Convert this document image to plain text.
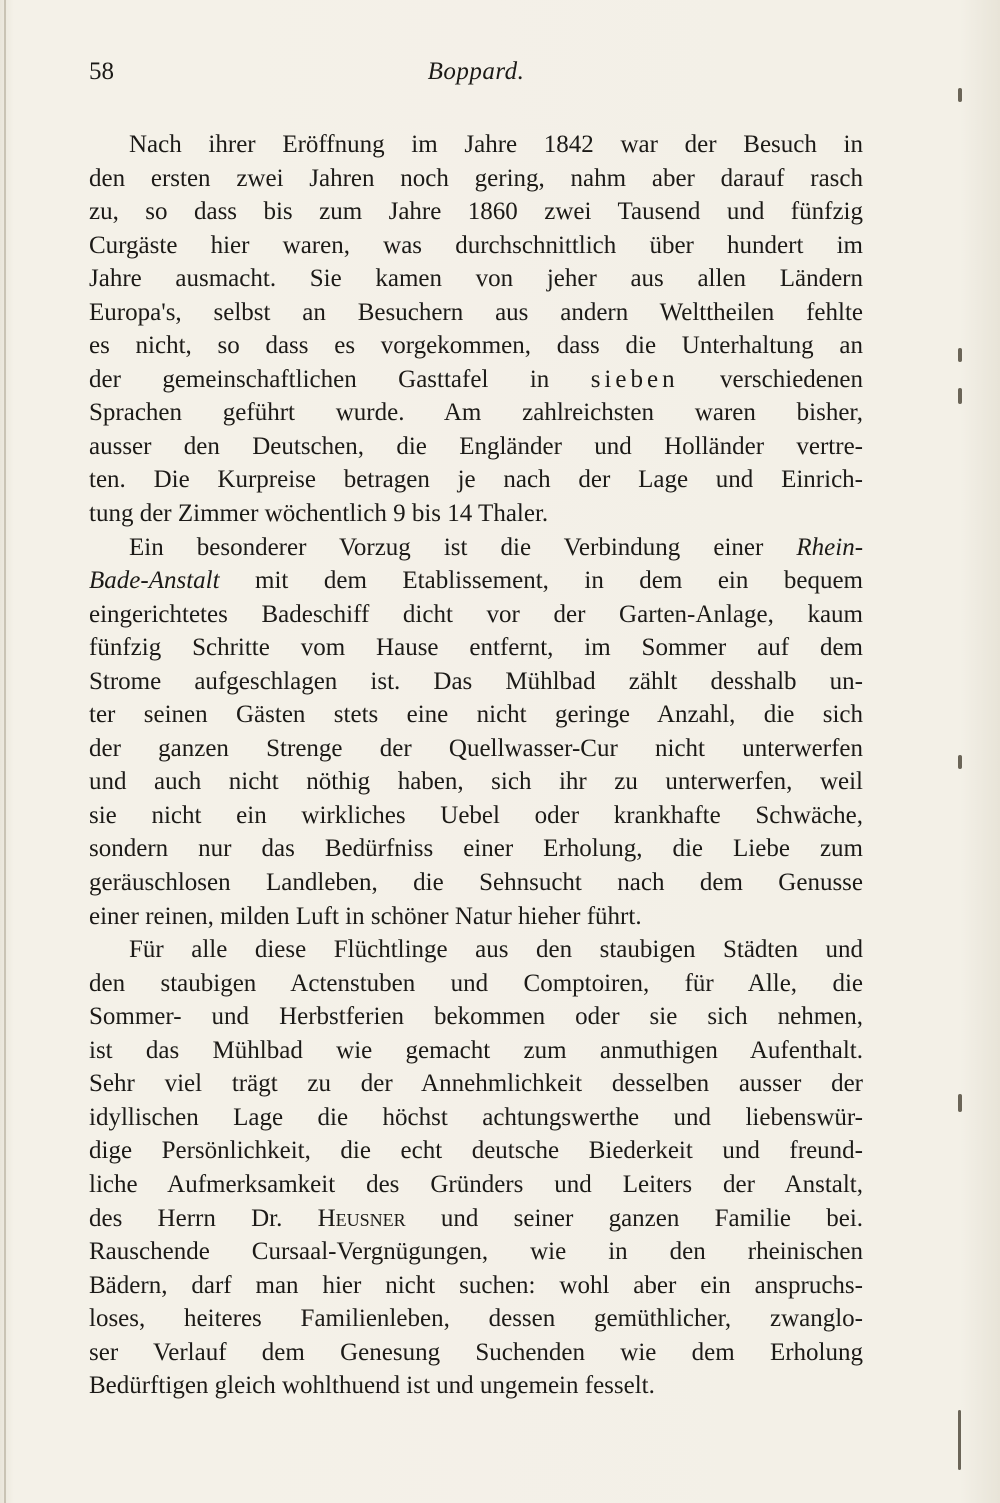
58	Boppard.
Nach ihrer Eröffnung im Jahre 1842 war der Besuch in
den ersten zwei Jahren noch gering, nahm aber darauf rasch
zu, so dass bis zum Jahre 1860 zwei Tausend und fünfzig
Curgäste hier waren, was durchschnittlich über hundert im
Jahre ausmacht. Sie kamen von jeher aus allen Ländern
Europa's, selbst an Besuchern aus andern Welttheilen fehlte
es nicht, so dass es vorgekommen, dass die Unterhaltung an
der gemeinschaftlichen Gasttafel in sieben verschiedenen
Sprachen geführt wurde. Am zahlreichsten waren bisher,
ausser den Deutschen, die Engländer und Holländer vertre-
ten. Die Kurpreise betragen je nach der Lage und Einrich-
tung der Zimmer wöchentlich 9 bis 14 Thaler.
Ein besonderer Vorzug ist die Verbindung einer Rhein-
Bade-Anstalt mit dem Etablissement, in dem ein bequem
eingerichtetes Badeschiff dicht vor der Garten-Anlage, kaum
fünfzig Schritte vom Hause entfernt, im Sommer auf dem
Strome aufgeschlagen ist. Das Mühlbad zählt desshalb un-
ter seinen Gästen stets eine nicht geringe Anzahl, die sich
der ganzen Strenge der Quellwasser-Cur nicht unterwerfen
und auch nicht nöthig haben, sich ihr zu unterwerfen, weil
sie nicht ein wirkliches Uebel oder krankhafte Schwäche,
sondern nur das Bedürfniss einer Erholung, die Liebe zum
geräuschlosen Landleben, die Sehnsucht nach dem Genusse
einer reinen, milden Luft in schöner Natur hieher führt.
Für alle diese Flüchtlinge aus den staubigen Städten und
den staubigen Actenstuben und Comptoiren, für Alle, die
Sommer- und Herbstferien bekommen oder sie sich nehmen,
ist das Mühlbad wie gemacht zum anmuthigen Aufenthalt.
Sehr viel trägt zu der Annehmlichkeit desselben ausser der
idyllischen Lage die höchst achtungswerthe und liebenswür-
dige Persönlichkeit, die echt deutsche Biederkeit und freund-
liche Aufmerksamkeit des Gründers und Leiters der Anstalt,
des Herrn Dr. Heusner und seiner ganzen Familie bei.
Rauschende Cursaal-Vergnügungen, wie in den rheinischen
Bädern, darf man hier nicht suchen: wohl aber ein anspruchs-
loses, heiteres Familienleben, dessen gemüthlicher, zwanglo-
ser Verlauf dem Genesung Suchenden wie dem Erholung
Bedürftigen gleich wohlthuend ist und ungemein fesselt.
